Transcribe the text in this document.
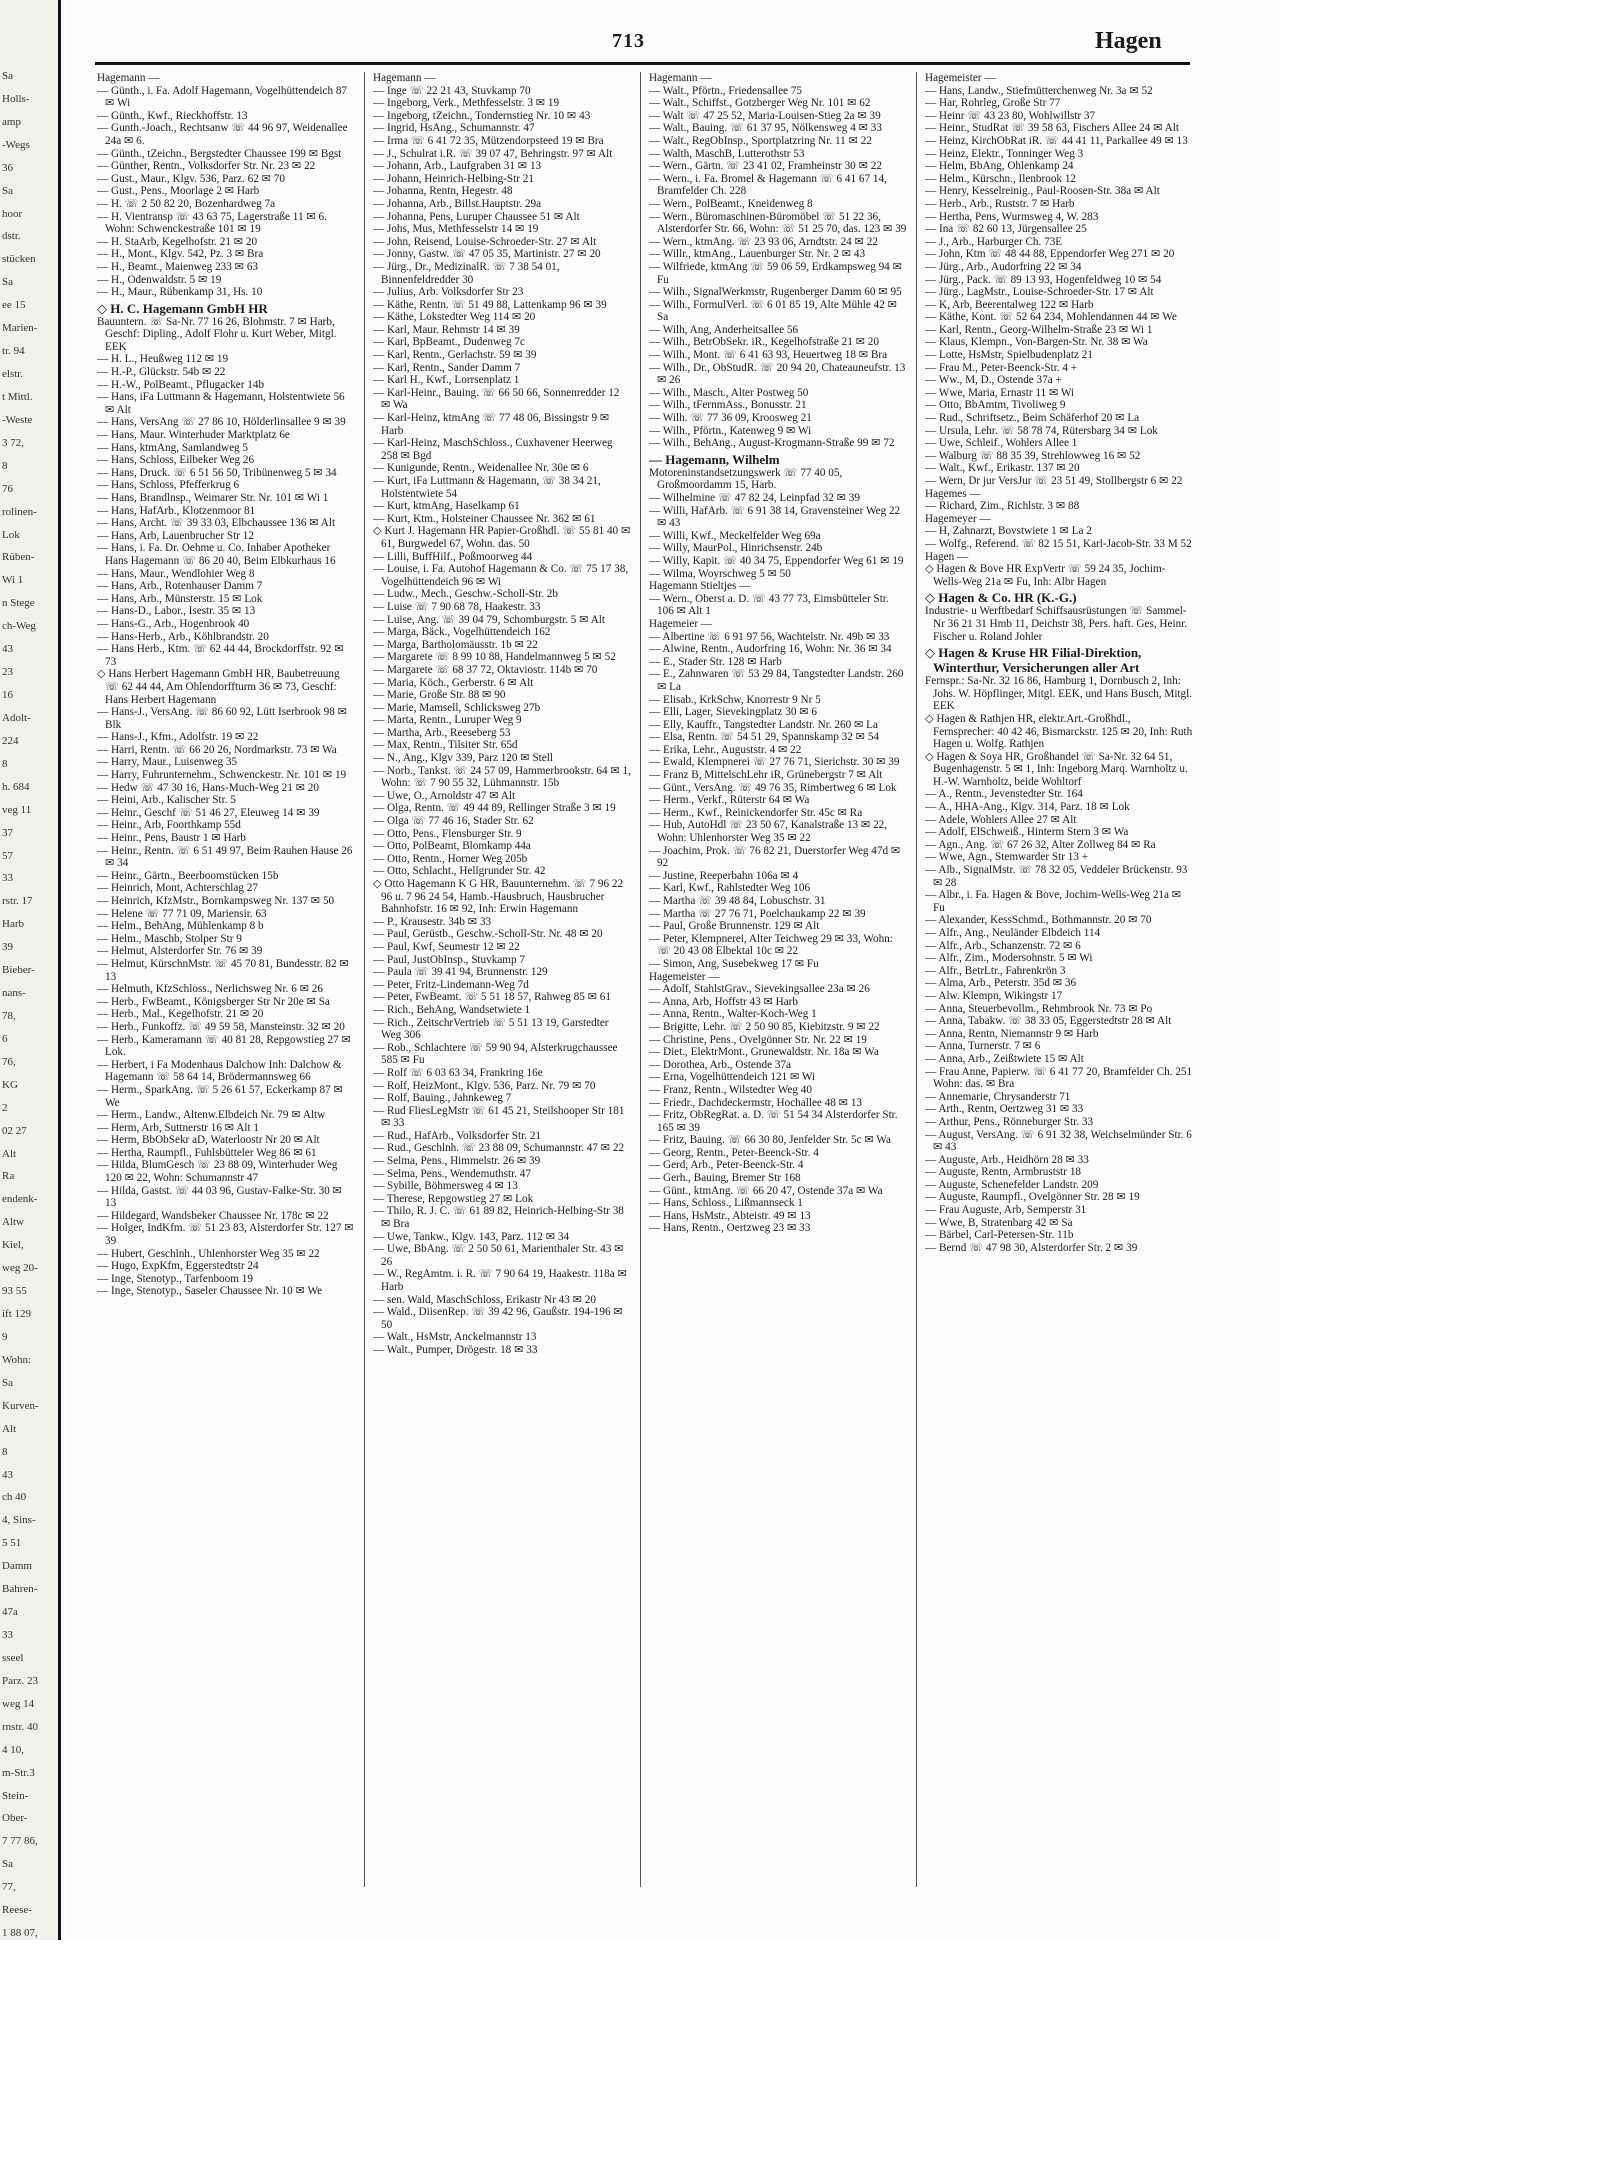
Sa
Holls-
amp
-Wegs
36
Sa
hoor
dstr.
stücken
Sa
ee 15
Marien-
tr. 94
elstr.
t Mittl.
-Weste
3 72,
8
76
rolinen-
Lok
Rüben-
Wi 1
n Stege
ch-Weg
43
23
16
Adolt-
224
8
h. 684
veg 11
37
57
33
rstr. 17
Harb
39
Bieber-
nans-
78,
6
76,
KG
2
02 27
Alt
Ra
endenk-
Altw
Kiel,
weg 20-
93 55
ift 129
9
Wohn:
Sa
Kurven-
Alt
8
43
ch 40
4, Sins-
5 51
Damm
Bahren-
47a
33
sseel
Parz. 23
weg 14
rnstr. 40
4 10,
m-Str.3
Stein-
Ober-
7 77 86,
Sa
77,
Reese-
1 88 07,
713	Hagen

Hagemann —

— Günth., i. Fa. Adolf Hagemann, Vogelhüttendeich 87 ✉ Wi

— Günth., Kwf., Rieckhoffstr. 13

— Gunth.-Joach., Rechtsanw ☏ 44 96 97, Weidenallee 24a ✉ 6.

— Günth., tZeichn., Bergstedter Chaussee 199 ✉ Bgst

— Günther, Rentn., Volksdorfer Str. Nr. 23 ✉ 22

— Gust., Maur., Klgv. 536, Parz. 62 ✉ 70

— Gust., Pens., Moorlage 2 ✉ Harb

— H. ☏ 2 50 82 20, Bozenhardweg 7a

— H. Vientransp ☏ 43 63 75, Lagerstraße 11 ✉ 6. Wohn: Schwenckestraße 101 ✉ 19

— H. StaArb, Kegelhofstr. 21 ✉ 20

— H., Mont., Klgv. 542, Pz. 3 ✉ Bra

— H., Beamt., Maienweg 233 ✉ 63

— H., Odenwaldstr. 5 ✉ 19

— H., Maur., Rübenkamp 31, Hs. 10

◇ H. C. Hagemann GmbH HR

Bauuntern. ☏ Sa-Nr. 77 16 26, Blohmstr. 7 ✉ Harb, Geschf: Dipling., Adolf Flohr u. Kurt Weber, Mitgl. EEK

— H. L., Heußweg 112 ✉ 19

— H.-P., Glückstr. 54b ✉ 22

— H.-W., PolBeamt., Pflugacker 14b

— Hans, iFa Luttmann & Hagemann, Holstentwiete 56 ✉ Alt

— Hans, VersAng ☏ 27 86 10, Hölderlinsallee 9 ✉ 39

— Hans, Maur. Winterhuder Marktplatz 6e

— Hans, ktmAng, Samlandweg 5

— Hans, Schloss, Eilbeker Weg 26

— Hans, Druck. ☏ 6 51 56 50, Tribünenweg 5 ✉ 34

— Hans, Schloss, Pfefferkrug 6

— Hans, Brandlnsp., Weimarer Str. Nr. 101 ✉ Wi 1

— Hans, HafArb., Klotzenmoor 81

— Hans, Archt. ☏ 39 33 03, Elbchaussee 136 ✉ Alt

— Hans, Arb, Lauenbrucher Str 12

— Hans, i. Fa. Dr. Oehme u. Co. Inhaber Apotheker Hans Hagemann ☏ 86 20 40, Beim Elbkurhaus 16

— Hans, Maur., Wendlohier Weg 8

— Hans, Arb., Rotenhauser Damm 7

— Hans, Arb., Münsterstr. 15 ✉ Lok

— Hans-D., Labor., Isestr. 35 ✉ 13

— Hans-G., Arb., Hogenbrook 40

— Hans-Herb., Arb., Köhlbrandstr. 20

— Hans Herb., Ktm. ☏ 62 44 44, Brockdorffstr. 92 ✉ 73

◇ Hans Herbert Hagemann GmbH HR, Baubetreuung ☏ 62 44 44, Am Ohlendorffturm 36 ✉ 73, Geschf: Hans Herbert Hagemann

— Hans-J., VersAng. ☏ 86 60 92, Lütt Iserbrook 98 ✉ Blk

— Hans-J., Kfm., Adolfstr. 19 ✉ 22

— Harri, Rentn. ☏ 66 20 26, Nordmarkstr. 73 ✉ Wa

— Harry, Maur., Luisenweg 35

— Harry, Fuhrunternehm., Schwenckestr. Nr. 101 ✉ 19

— Hedw ☏ 47 30 16, Hans-Much-Weg 21 ✉ 20

— Heini, Arb., Kalischer Str. 5

— Heinr., Geschf ☏ 51 46 27, Eleuweg 14 ✉ 39

— Heinr., Arb, Foorthkamp 55d

— Heinr., Pens, Baustr 1 ✉ Harb

— Heinr., Rentn. ☏ 6 51 49 97, Beim Rauhen Hause 26 ✉ 34

— Heinr., Gärtn., Beerboomstücken 15b

— Heinrich, Mont, Achterschlag 27

— Heinrich, KfzMstr., Bornkampsweg Nr. 137 ✉ 50

— Helene ☏ 77 71 09, Mariensir. 63

— Helm., BehAng, Mühlenkamp 8 b

— Helm., Maschb, Stolper Str 9

— Helmut, Alsterdorfer Str. 76 ✉ 39

— Helmut, KürschnMstr. ☏ 45 70 81, Bundesstr. 82 ✉ 13

— Helmuth, KfzSchloss., Nerlichsweg Nr. 6 ✉ 26

— Herb., FwBeamt., Königsberger Str Nr 20e ✉ Sa

— Herb., Mal., Kegelhofstr. 21 ✉ 20

— Herb., Funkoffz. ☏ 49 59 58, Mansteinstr. 32 ✉ 20

— Herb., Kameramann ☏ 40 81 28, Repgowstieg 27 ✉ Lok.

— Herbert, i Fa Modenhaus Dalchow Inh: Dalchow & Hagemann ☏ 58 64 14, Brödermannsweg 66

— Herm., SparkAng. ☏ 5 26 61 57, Eckerkamp 87 ✉ We

— Herm., Landw., Altenw.Elbdeich Nr. 79 ✉ Altw

— Herm, Arb, Suttnerstr 16 ✉ Alt 1

— Herm, BbObSekr aD, Waterloostr Nr 20 ✉ Alt

— Hertha, Raumpfl., Fuhlsbütteler Weg 86 ✉ 61

— Hilda, BlumGesch ☏ 23 88 09, Winterhuder Weg 120 ✉ 22, Wohn: Schumannstr 47

— Hilda, Gastst. ☏ 44 03 96, Gustav-Falke-Str. 30 ✉ 13

— Hildegard, Wandsbeker Chaussee Nr. 178c ✉ 22

— Holger, IndKfm. ☏ 51 23 83, Alsterdorfer Str. 127 ✉ 39

— Hubert, Geschlnh., Uhlenhorster Weg 35 ✉ 22

— Hugo, ExpKfm, Eggerstedtstr 24

— Inge, Stenotyp., Tarfenboom 19

— Inge, Stenotyp., Saseler Chaussee Nr. 10 ✉ We

Hagemann —

— Inge ☏ 22 21 43, Stuvkamp 70

— Ingeborg, Verk., Methfesselstr. 3 ✉ 19

— Ingeborg, tZeichn., Tondernstieg Nr. 10 ✉ 43

— Ingrid, HsAng., Schumannstr. 47

— Irma ☏ 6 41 72 35, Mützendorpsteed 19 ✉ Bra

— J., Schulrat i.R. ☏ 39 07 47, Behringstr. 97 ✉ Alt

— Johann, Arb., Laufgraben 31 ✉ 13

— Johann, Heinrich-Helbing-Str 21

— Johanna, Rentn, Hegestr. 48

— Johanna, Arb., Billst.Hauptstr. 29a

— Johanna, Pens, Luruper Chaussee 51 ✉ Alt

— Johs, Mus, Methfesselstr 14 ✉ 19

— John, Reisend, Louise-Schroeder-Str. 27 ✉ Alt

— Jonny, Gastw. ☏ 47 05 35, Martinistr. 27 ✉ 20

— Jürg., Dr., MedizinalR. ☏ 7 38 54 01, Binnenfeldredder 30

— Julius, Arb. Volksdorfer Str 23

— Käthe, Rentn. ☏ 51 49 88, Lattenkamp 96 ✉ 39

— Käthe, Lokstedter Weg 114 ✉ 20

— Karl, Maur. Rehmstr 14 ✉ 39

— Karl, BpBeamt., Dudenweg 7c

— Karl, Rentn., Gerlachstr. 59 ✉ 39

— Karl, Rentn., Sander Damm 7

— Karl H., Kwf., Lorrsenplatz 1

— Karl-Heinr., Bauing. ☏ 66 50 66, Sonnenredder 12 ✉ Wa

— Karl-Heinz, ktmAng ☏ 77 48 06, Bissingstr 9 ✉ Harb

— Karl-Heinz, MaschSchloss., Cuxhavener Heerweg 258 ✉ Bgd

— Kunigunde, Rentn., Weidenallee Nr. 30e ✉ 6

— Kurt, iFa Luttmann & Hagemann, ☏ 38 34 21, Holstentwiete 54

— Kurt, ktmAng, Haselkamp 61

— Kurt, Ktm., Holsteiner Chaussee Nr. 362 ✉ 61

◇ Kurt J. Hagemann HR Papier-Großhdl. ☏ 55 81 40 ✉ 61, Burgwedel 67, Wohn. das. 50

— Lilli, BuffHilf., Poßmoorweg 44

— Louise, i. Fa. Autohof Hagemann & Co. ☏ 75 17 38, Vogelhüttendeich 96 ✉ Wi

— Ludw., Mech., Geschw.-Scholl-Str. 2b

— Luise ☏ 7 90 68 78, Haakestr. 33

— Luise, Ang. ☏ 39 04 79, Schomburgstr. 5 ✉ Alt

— Marga, Bäck., Vogelhüttendeich 162

— Marga, Bartholomäusstr. 1b ✉ 22

— Margarete ☏ 8 99 10 88, Handelmannweg 5 ✉ 52

— Margarete ☏ 68 37 72, Oktaviostr. 114b ✉ 70

— Maria, Köch., Gerberstr. 6 ✉ Alt

— Marie, Große Str. 88 ✉ 90

— Marie, Mamsell, Schlicksweg 27b

— Marta, Rentn., Luruper Weg 9

— Martha, Arb., Reeseberg 53

— Max, Rentn., Tilsiter Str. 65d

— N., Ang., Klgv 339, Parz 120 ✉ Stell

— Norb., Tankst. ☏ 24 57 09, Hammerbrookstr. 64 ✉ 1, Wohn: ☏ 7 90 55 32, Lühmannstr. 15b

— Uwe, O., Arnoldstr 47 ✉ Alt

— Olga, Rentn. ☏ 49 44 89, Rellinger Straße 3 ✉ 19

— Olga ☏ 77 46 16, Stader Str. 62

— Otto, Pens., Flensburger Str. 9

— Otto, PolBeamt, Blomkamp 44a

— Otto, Rentn., Horner Weg 205b

— Otto, Schlacht., Hellgrunder Str. 42

◇ Otto Hagemann K G HR, Bauunternehm. ☏ 7 96 22 96 u. 7 96 24 54, Hamb.-Hausbruch, Hausbrucher Bahnhofstr. 16 ✉ 92, Inh: Erwin Hagemann

— P., Krausestr. 34b ✉ 33

— Paul, Gerüstb., Geschw.-Scholl-Str. Nr. 48 ✉ 20

— Paul, Kwf, Seumestr 12 ✉ 22

— Paul, JustObInsp., Stuvkamp 7

— Paula ☏ 39 41 94, Brunnenstr. 129

— Peter, Fritz-Lindemann-Weg 7d

— Peter, FwBeamt. ☏ 5 51 18 57, Rahweg 85 ✉ 61

— Rich., BehAng, Wandsetwiete 1

— Rich., ZeitschrVertrieb ☏ 5 51 13 19, Garstedter Weg 306

— Rob., Schlachtere ☏ 59 90 94, Alsterkrugchaussee 585 ✉ Fu

— Rolf ☏ 6 03 63 34, Frankring 16e

— Rolf, HeizMont., Klgv. 536, Parz. Nr. 79 ✉ 70

— Rolf, Bauing., Jahnkeweg 7

— Rud FliesLegMstr ☏ 61 45 21, Steilshooper Str 181 ✉ 33

— Rud., HafArb., Volksdorfer Str. 21

— Rud., Geschlnh. ☏ 23 88 09, Schumannstr. 47 ✉ 22

— Selma, Pens., Himmelstr. 26 ✉ 39

— Selma, Pens., Wendemuthstr. 47

— Sybille, Böhmersweg 4 ✉ 13

— Therese, Repgowstieg 27 ✉ Lok

— Thilo, R. J. C. ☏ 61 89 82, Heinrich-Helbing-Str 38 ✉ Bra

— Uwe, Tankw., Klgv. 143, Parz. 112 ✉ 34

— Uwe, BbAng. ☏ 2 50 50 61, Marienthaler Str. 43 ✉ 26

— W., RegAmtm. i. R. ☏ 7 90 64 19, Haakestr. 118a ✉ Harb

— sen. Wald, MaschSchloss, Erikastr Nr 43 ✉ 20

— Wald., DiisenRep. ☏ 39 42 96, Gaußstr. 194-196 ✉ 50

— Walt., HsMstr, Anckelmannstr 13

— Walt., Pumper, Drögestr. 18 ✉ 33

Hagemann —

— Walt., Pförtn., Friedensallee 75

— Walt., Schiffst., Gotzberger Weg Nr. 101 ✉ 62

— Walt ☏ 47 25 52, Maria-Louisen-Stieg 2a ✉ 39

— Walt., Bauing. ☏ 61 37 95, Nölkensweg 4 ✉ 33

— Walt., RegObInsp., Sportplatzring Nr. 11 ✉ 22

— Walth, MaschB, Lutterothstr 53

— Wern., Gärtn. ☏ 23 41 02, Framheinstr 30 ✉ 22

— Wern., i. Fa. Bromel & Hagemann ☏ 6 41 67 14, Bramfelder Ch. 228

— Wern., PolBeamt., Kneidenweg 8

— Wern., Büromaschinen-Büromöbel ☏ 51 22 36, Alsterdorfer Str. 66, Wohn: ☏ 51 25 70, das. 123 ✉ 39

— Wern., ktmAng. ☏ 23 93 06, Arndtstr. 24 ✉ 22

— Willr., ktmAng., Lauenburger Str. Nr. 2 ✉ 43

— Wilfriede, ktmAng ☏ 59 06 59, Erdkampsweg 94 ✉ Fu

— Wilh., SignalWerkmstr, Rugenberger Damm 60 ✉ 95

— Wilh., FormulVerl. ☏ 6 01 85 19, Alte Mühle 42 ✉ Sa

— Wilh, Ang, Anderheitsallee 56

— Wilh., BetrObSekr. iR., Kegelhofstraße 21 ✉ 20

— Wilh., Mont. ☏ 6 41 63 93, Heuertweg 18 ✉ Bra

— Wilh., Dr., ObStudR. ☏ 20 94 20, Chateauneufstr. 13 ✉ 26

— Wilh., Masch., Alter Postweg 50

— Wilh., tFernmAss., Bonusstr. 21

— Wilh. ☏ 77 36 09, Kroosweg 21

— Wilh., Pförtn., Katenweg 9 ✉ Wi

— Wilh., BehAng., August-Krogmann-Straße 99 ✉ 72

— Hagemann, Wilhelm

Motoreninstandsetzungswerk ☏ 77 40 05, Großmoordamm 15, Harb.

— Wilhelmine ☏ 47 82 24, Leinpfad 32 ✉ 39

— Willi, HafArb. ☏ 6 91 38 14, Gravensteiner Weg 22 ✉ 43

— Willi, Kwf., Meckelfelder Weg 69a

— Willy, MaurPol., Hinrichsenstr. 24b

— Willy, Kapit. ☏ 40 34 75, Eppendorfer Weg 61 ✉ 19

— Wilma, Woyrschweg 5 ✉ 50

Hagemann Stieltjes —

— Wern., Oberst a. D. ☏ 43 77 73, Eimsbütteler Str. 106 ✉ Alt 1

Hagemeier —

— Albertine ☏ 6 91 97 56, Wachtelstr. Nr. 49b ✉ 33

— Alwine, Rentn., Audorfring 16, Wohn: Nr. 36 ✉ 34

— E., Stader Str. 128 ✉ Harb

— E., Zahnwaren ☏ 53 29 84, Tangstedter Landstr. 260 ✉ La

— Elisab., KrkSchw, Knorrestr 9 Nr 5

— Elli, Lager, Sievekingplatz 30 ✉ 6

— Elly, Kauffr., Tangstedter Landstr. Nr. 260 ✉ La

— Elsa, Rentn. ☏ 54 51 29, Spannskamp 32 ✉ 54

— Erika, Lehr., Auguststr. 4 ✉ 22

— Ewald, Klempnerei ☏ 27 76 71, Sierichstr. 30 ✉ 39

— Franz B, MittelschLehr iR, Grünebergstr 7 ✉ Alt

— Günt., VersAng. ☏ 49 76 35, Rimbertweg 6 ✉ Lok

— Herm., Verkf., Rüterstr 64 ✉ Wa

— Herm., Kwf., Reinickendorfer Str. 45c ✉ Ra

— Hub, AutoHdl ☏ 23 50 67, Kanalstraße 13 ✉ 22, Wohn: Uhlenhorster Weg 35 ✉ 22

— Joachim, Prok. ☏ 76 82 21, Duerstorfer Weg 47d ✉ 92

— Justine, Reeperbahn 106a ✉ 4

— Karl, Kwf., Rahlstedter Weg 106

— Martha ☏ 39 48 84, Lobuschstr. 31

— Martha ☏ 27 76 71, Poelchaukamp 22 ✉ 39

— Paul, Große Brunnenstr. 129 ✉ Alt

— Peter, Klempnerei, Alter Teichweg 29 ✉ 33, Wohn: ☏ 20 43 08 Elbektal 10c ✉ 22

— Simon, Ang, Susebekweg 17 ✉ Fu

Hagemeister —

— Adolf, StahlstGrav., Sievekingsallee 23a ✉ 26

— Anna, Arb, Hoffstr 43 ✉ Harb

— Anna, Rentn., Walter-Koch-Weg 1

— Brigitte, Lehr. ☏ 2 50 90 85, Kiebitzstr. 9 ✉ 22

— Christine, Pens., Ovelgönner Str. Nr. 22 ✉ 19

— Diet., ElektrMont., Grunewaldstr. Nr. 18a ✉ Wa

— Dorothea, Arb., Ostende 37a

— Erna, Vogelhüttendeich 121 ✉ Wi

— Franz, Rentn., Wilstedter Weg 40

— Friedr., Dachdeckermstr, Hochallee 48 ✉ 13

— Fritz, ObRegRat. a. D. ☏ 51 54 34 Alsterdorfer Str. 165 ✉ 39

— Fritz, Bauing. ☏ 66 30 80, Jenfelder Str. 5c ✉ Wa

— Georg, Rentn., Peter-Beenck-Str. 4

— Gerd, Arb., Peter-Beenck-Str. 4

— Gerh., Bauing, Bremer Str 168

— Günt., ktmAng. ☏ 66 20 47, Ostende 37a ✉ Wa

— Hans, Schloss., Lißmannseck 1

— Hans, HsMstr., Abteistr. 49 ✉ 13

— Hans, Rentn., Oertzweg 23 ✉ 33

Hagemeister —

— Hans, Landw., Stiefmütterchenweg Nr. 3a ✉ 52

— Har, Rohrleg, Große Str 77

— Heinr ☏ 43 23 80, Wohlwillstr 37

— Heinr., StudRat ☏ 39 58 63, Fischers Allee 24 ✉ Alt

— Heinz, KirchObRat iR. ☏ 44 41 11, Parkallee 49 ✉ 13

— Heinz, Elektr., Tonninger Weg 3

— Helm, BbAng, Ohlenkamp 24

— Helm., Kürschn., Ilenbrook 12

— Henry, Kesselreinig., Paul-Roosen-Str. 38a ✉ Alt

— Herb., Arb., Ruststr. 7 ✉ Harb

— Hertha, Pens, Wurmsweg 4, W. 283

— Ina ☏ 82 60 13, Jürgensallee 25

— J., Arb., Harburger Ch. 73E

— John, Ktm ☏ 48 44 88, Eppendorfer Weg 271 ✉ 20

— Jürg., Arb., Audorfring 22 ✉ 34

— Jürg., Pack. ☏ 89 13 93, Hogenfeldweg 10 ✉ 54

— Jürg., LagMstr., Louise-Schroeder-Str. 17 ✉ Alt

— K, Arb, Beerentalweg 122 ✉ Harb

— Käthe, Kont. ☏ 52 64 234, Mohlendannen 44 ✉ We

— Karl, Rentn., Georg-Wilhelm-Straße 23 ✉ Wi 1

— Klaus, Klempn., Von-Bargen-Str. Nr. 38 ✉ Wa

— Lotte, HsMstr, Spielbudenplatz 21

— Frau M., Peter-Beenck-Str. 4 +

— Ww., M, D., Ostende 37a +

— Wwe, Maria, Ernastr 11 ✉ Wi

— Otto, BbAmtm, Tivoliweg 9

— Rud., Schriftsetz., Beim Schäferhof 20 ✉ La

— Ursula, Lehr. ☏ 58 78 74, Rütersbarg 34 ✉ Lok

— Uwe, Schleif., Wohlers Allee 1

— Walburg ☏ 88 35 39, Strehlowweg 16 ✉ 52

— Walt., Kwf., Erikastr. 137 ✉ 20

— Wern, Dr jur VersJur ☏ 23 51 49, Stollbergstr 6 ✉ 22

Hagemes —

— Richard, Zim., Richlstr. 3 ✉ 88

Hagemeyer —

— H, Zahnarzt, Bovstwiete 1 ✉ La 2

— Wolfg., Referend. ☏ 82 15 51, Karl-Jacob-Str. 33 M 52

Hagen —

◇ Hagen & Bove HR ExpVertr ☏ 59 24 35, Jochim-Wells-Weg 21a ✉ Fu, Inh: Albr Hagen

◇ Hagen & Co. HR (K.-G.)

Industrie- u Werftbedarf Schiffsausrüstungen ☏ Sammel-Nr 36 21 31 Hmb 11, Deichstr 38, Pers. haft. Ges, Heinr. Fischer u. Roland Johler

◇ Hagen & Kruse HR Filial-Direktion, Winterthur, Versicherungen aller Art

Fernspr.: Sa-Nr. 32 16 86, Hamburg 1, Dornbusch 2, Inh: Johs. W. Höpflinger, Mitgl. EEK, und Hans Busch, Mitgl. EEK

◇ Hagen & Rathjen HR, elektr.Art.-Großhdl., Fernsprecher: 40 42 46, Bismarckstr. 125 ✉ 20, Inh: Ruth Hagen u. Wolfg. Rathjen

◇ Hagen & Soya HR, Großhandel ☏ Sa-Nr. 32 64 51, Bugenhagenstr. 5 ✉ 1, Inh: Ingeborg Marq. Warnholtz u. H.-W. Warnholtz, beide Wohltorf

— A., Rentn., Jevenstedter Str. 164

— A., HHA-Ang., Klgv. 314, Parz. 18 ✉ Lok

— Adele, Wohlers Allee 27 ✉ Alt

— Adolf, ElSchweiß., Hinterm Stern 3 ✉ Wa

— Agn., Ang. ☏ 67 26 32, Alter Zollweg 84 ✉ Ra

— Wwe, Agn., Stemwarder Str 13 +

— Alb., SignalMstr. ☏ 78 32 05, Veddeler Brückenstr. 93 ✉ 28

— Albr., i. Fa. Hagen & Bove, Jochim-Wells-Weg 21a ✉ Fu

— Alexander, KessSchmd., Bothmannstr. 20 ✉ 70

— Alfr., Ang., Neuländer Elbdeich 114

— Alfr., Arb., Schanzenstr. 72 ✉ 6

— Alfr., Zim., Modersohnstr. 5 ✉ Wi

— Alfr., BetrLtr., Fahrenkrön 3

— Alma, Arb., Peterstr. 35d ✉ 36

— Alw. Klempn, Wikingstr 17

— Anna, Steuerbevollm., Rehmbrook Nr. 73 ✉ Po

— Anna, Tabakw. ☏ 38 33 05, Eggerstedtstr 28 ✉ Alt

— Anna, Rentn, Niemannstr 9 ✉ Harb

— Anna, Turnerstr. 7 ✉ 6

— Anna, Arb., Zeißtwiete 15 ✉ Alt

— Frau Anne, Papierw. ☏ 6 41 77 20, Bramfelder Ch. 251 Wohn: das. ✉ Bra

— Annemarie, Chrysanderstr 71

— Arth., Rentn, Oertzweg 31 ✉ 33

— Arthur, Pens., Rönneburger Str. 33

— August, VersAng. ☏ 6 91 32 38, Weichselmünder Str. 6 ✉ 43

— Auguste, Arb., Heidhörn 28 ✉ 33

— Auguste, Rentn, Armbruststr 18

— Auguste, Schenefelder Landstr. 209

— Auguste, Raumpfl., Ovelgönner Str. 28 ✉ 19

— Frau Auguste, Arb, Semperstr 31

— Wwe, B, Stratenbarg 42 ✉ Sa

— Bärbel, Carl-Petersen-Str. 11b

— Bernd ☏ 47 98 30, Alsterdorfer Str. 2 ✉ 39
